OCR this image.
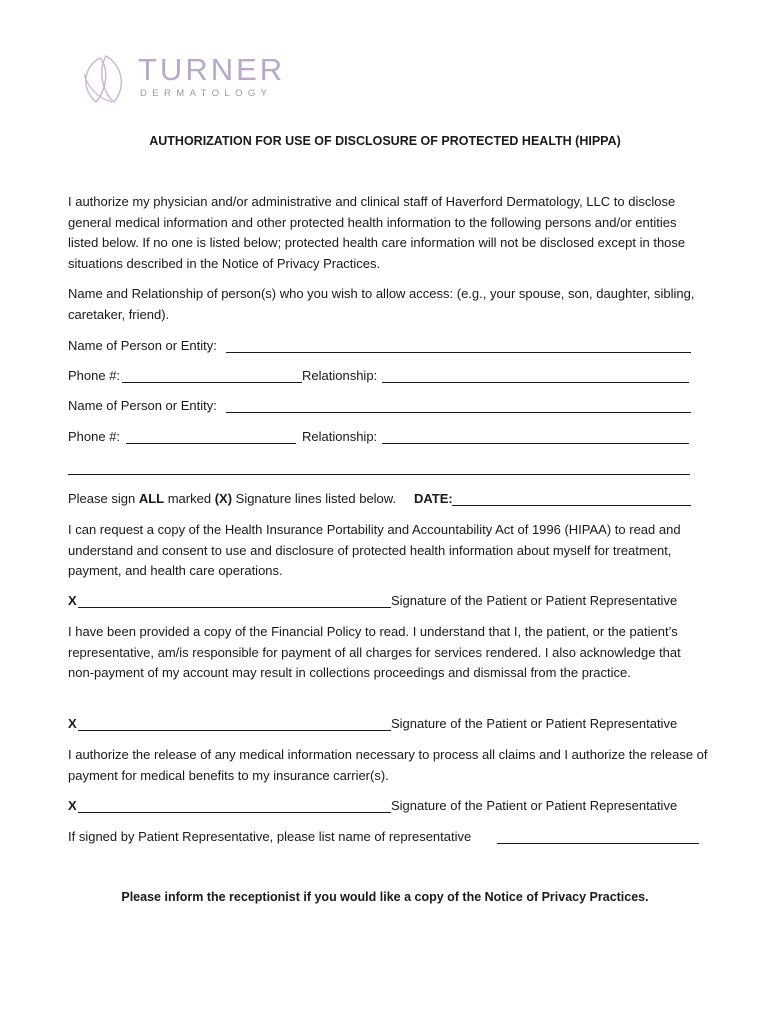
TURNER
DERMATOLOGY
AUTHORIZATION FOR USE OF DISCLOSURE OF PROTECTED HEALTH (HIPPA)
I authorize my physician and/or administrative and clinical staff of Haverford Dermatology, LLC to disclose general medical information and other protected health information to the following persons and/or entities listed below. If no one is listed below; protected health care information will not be disclosed except in those situations described in the Notice of Privacy Practices.
Name and Relationship of person(s) who you wish to allow access: (e.g., your spouse, son, daughter, sibling, caretaker, friend).
Name of Person or Entity:
Phone #:	Relationship:
Name of Person or Entity:
Phone #:	Relationship:
Please sign ALL marked (X) Signature lines listed below. DATE:
I can request a copy of the Health Insurance Portability and Accountability Act of 1996 (HIPAA) to read and understand and consent to use and disclosure of protected health information about myself for treatment, payment, and health care operations.
X	Signature of the Patient or Patient Representative
I have been provided a copy of the Financial Policy to read. I understand that I, the patient, or the patient’s representative, am/is responsible for payment of all charges for services rendered. I also acknowledge that non-payment of my account may result in collections proceedings and dismissal from the practice.
X	Signature of the Patient or Patient Representative
I authorize the release of any medical information necessary to process all claims and I authorize the release of payment for medical benefits to my insurance carrier(s).
X	Signature of the Patient or Patient Representative
If signed by Patient Representative, please list name of representative
Please inform the receptionist if you would like a copy of the Notice of Privacy Practices.
